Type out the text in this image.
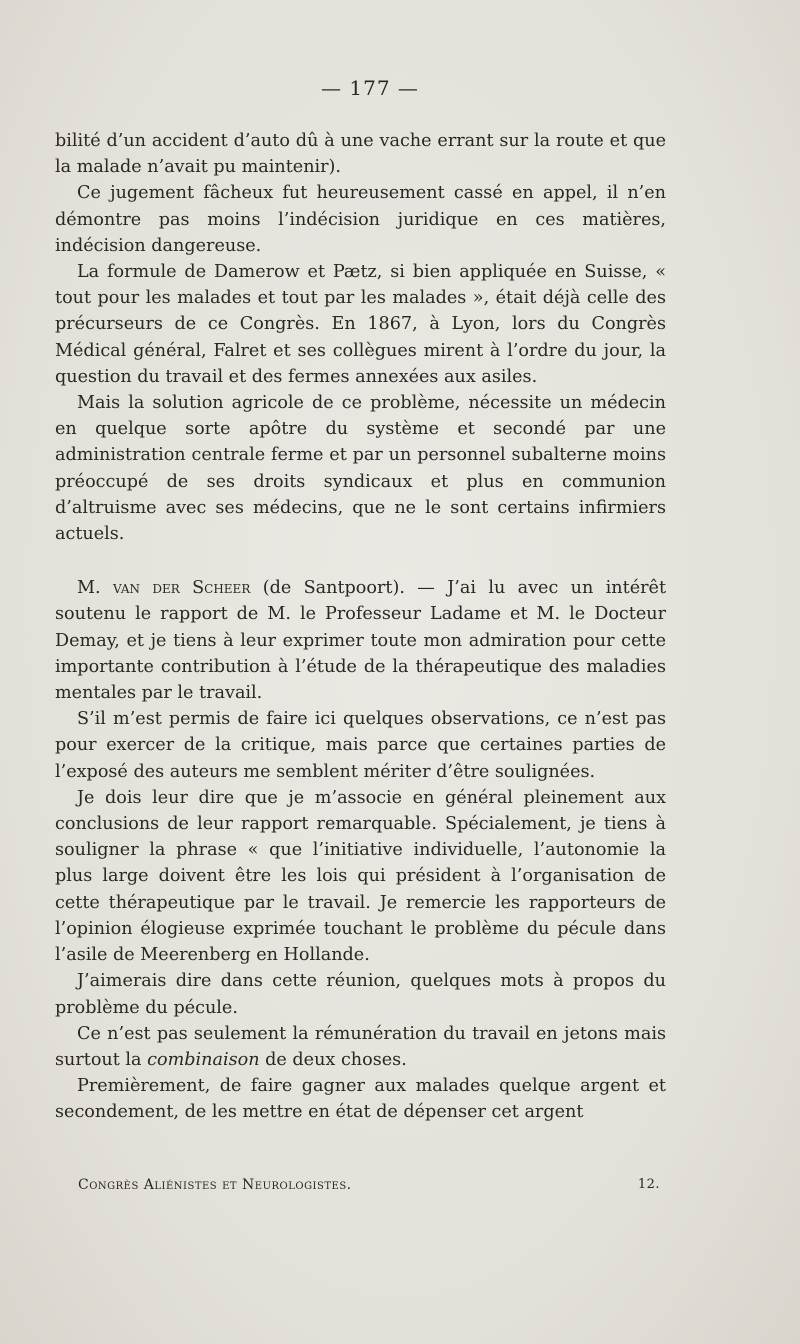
— 177 —

bilité d’un accident d’auto dû à une vache errant sur la route et que la malade n’avait pu maintenir).

Ce jugement fâcheux fut heureusement cassé en appel, il n’en démontre pas moins l’indécision juridique en ces matières, indécision dangereuse.

La formule de Damerow et Pætz, si bien appliquée en Suisse, « tout pour les malades et tout par les malades », était déjà celle des précurseurs de ce Congrès. En 1867, à Lyon, lors du Congrès Médical général, Falret et ses collègues mirent à l’ordre du jour, la question du travail et des fermes annexées aux asiles.

Mais la solution agricole de ce problème, nécessite un médecin en quelque sorte apôtre du système et secondé par une administration centrale ferme et par un personnel subalterne moins préoccupé de ses droits syndicaux et plus en communion d’altruisme avec ses médecins, que ne le sont certains infirmiers actuels.

M. van der Scheer (de Santpoort). — J’ai lu avec un intérêt soutenu le rapport de M. le Professeur Ladame et M. le Docteur Demay, et je tiens à leur exprimer toute mon admiration pour cette importante contribution à l’étude de la thérapeutique des maladies mentales par le travail.

S’il m’est permis de faire ici quelques observations, ce n’est pas pour exercer de la critique, mais parce que certaines parties de l’exposé des auteurs me semblent mériter d’être soulignées.

Je dois leur dire que je m’associe en général pleinement aux conclusions de leur rapport remarquable. Spécialement, je tiens à souligner la phrase « que l’initiative individuelle, l’autonomie la plus large doivent être les lois qui président à l’organisation de cette thérapeutique par le travail. Je remercie les rapporteurs de l’opinion élogieuse exprimée touchant le problème du pécule dans l’asile de Meerenberg en Hollande.

J’aimerais dire dans cette réunion, quelques mots à propos du problème du pécule.

Ce n’est pas seulement la rémunération du travail en jetons mais surtout la combinaison de deux choses.

Premièrement, de faire gagner aux malades quelque argent et secondement, de les mettre en état de dépenser cet argent

Congrès Aliénistes et Neurologistes.	12.
